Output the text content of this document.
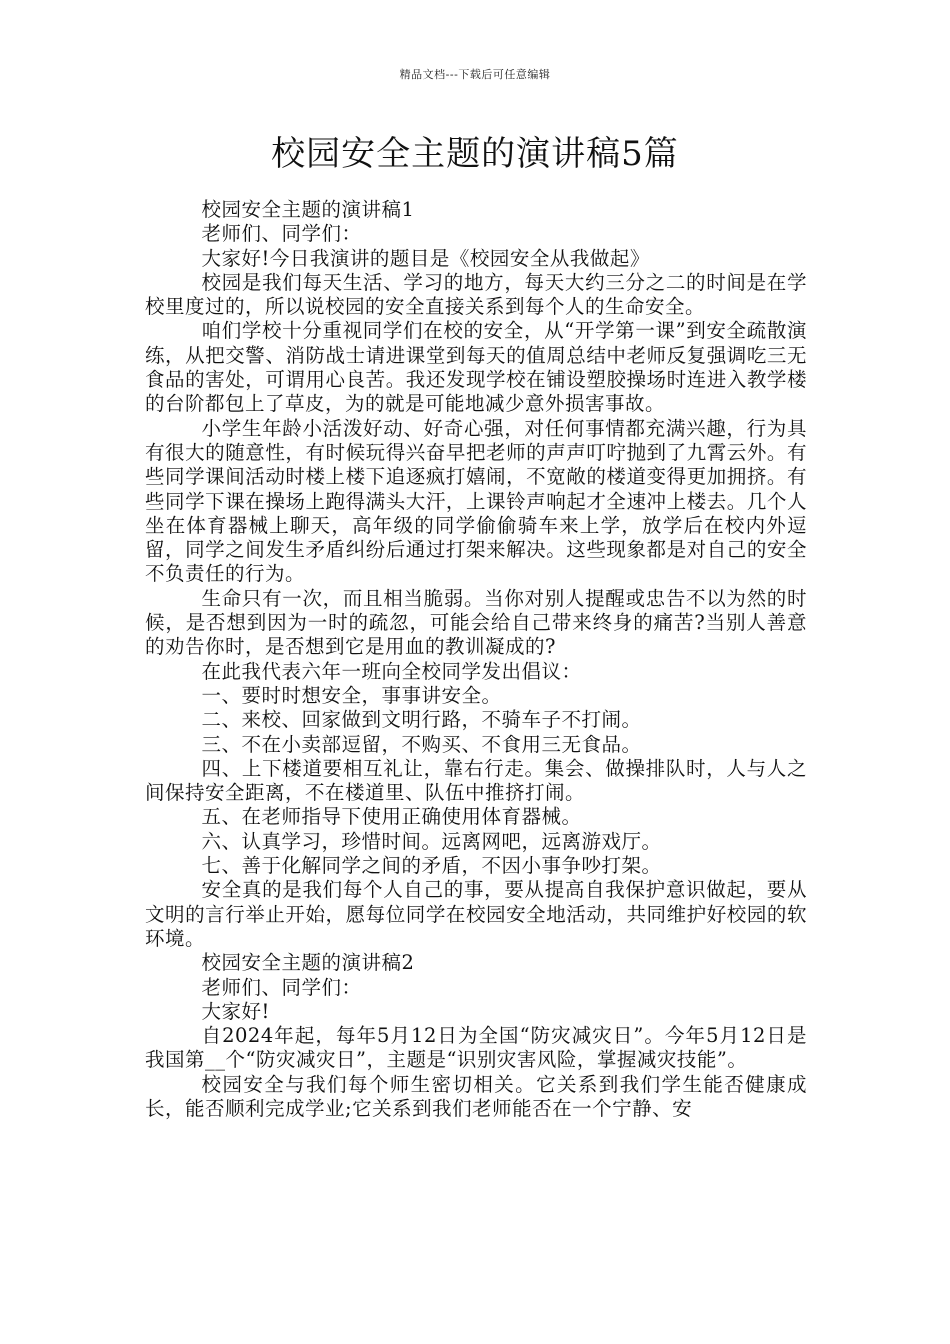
精品文档---下载后可任意编辑
校园安全主题的演讲稿5篇

校园安全主题的演讲稿1

老师们、同学们：

大家好!今日我演讲的题目是《校园安全从我做起》

校园是我们每天生活、学习的地方，每天大约三分之二的时间是在学校里度过的，所以说校园的安全直接关系到每个人的生命安全。

咱们学校十分重视同学们在校的安全，从“开学第一课”到安全疏散演练，从把交警、消防战士请进课堂到每天的值周总结中老师反复强调吃三无食品的害处，可谓用心良苦。我还发现学校在铺设塑胶操场时连进入教学楼的台阶都包上了草皮，为的就是可能地减少意外损害事故。

小学生年龄小活泼好动、好奇心强，对任何事情都充满兴趣，行为具有很大的随意性，有时候玩得兴奋早把老师的声声叮咛抛到了九霄云外。有些同学课间活动时楼上楼下追逐疯打嬉闹，不宽敞的楼道变得更加拥挤。有些同学下课在操场上跑得满头大汗，上课铃声响起才全速冲上楼去。几个人坐在体育器械上聊天，高年级的同学偷偷骑车来上学，放学后在校内外逗留，同学之间发生矛盾纠纷后通过打架来解决。这些现象都是对自己的安全不负责任的行为。

生命只有一次，而且相当脆弱。当你对别人提醒或忠告不以为然的时候，是否想到因为一时的疏忽，可能会给自己带来终身的痛苦?当别人善意的劝告你时，是否想到它是用血的教训凝成的?

在此我代表六年一班向全校同学发出倡议：

一、要时时想安全，事事讲安全。

二、来校、回家做到文明行路，不骑车子不打闹。

三、不在小卖部逗留，不购买、不食用三无食品。

四、上下楼道要相互礼让，靠右行走。集会、做操排队时，人与人之间保持安全距离，不在楼道里、队伍中推挤打闹。

五、在老师指导下使用正确使用体育器械。

六、认真学习，珍惜时间。远离网吧，远离游戏厅。

七、善于化解同学之间的矛盾，不因小事争吵打架。

安全真的是我们每个人自己的事，要从提高自我保护意识做起，要从文明的言行举止开始，愿每位同学在校园安全地活动，共同维护好校园的软环境。

校园安全主题的演讲稿2

老师们、同学们：

大家好!

自2024年起，每年5月12日为全国“防灾减灾日”。今年5月12日是我国第__个“防灾减灾日”，主题是“识别灾害风险，掌握减灾技能”。

校园安全与我们每个师生密切相关。它关系到我们学生能否健康成长，能否顺利完成学业;它关系到我们老师能否在一个宁静、安
